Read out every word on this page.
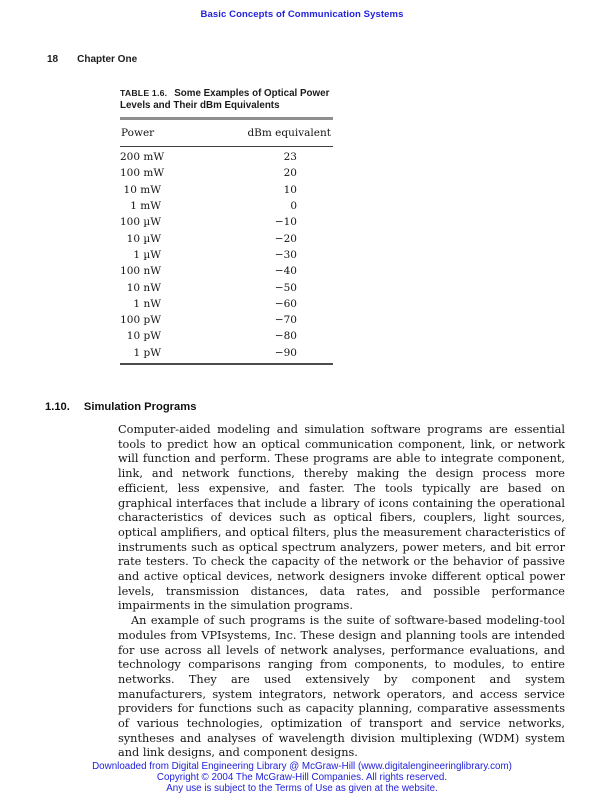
Basic Concepts of Communication Systems
18 Chapter One
TABLE 1.6. Some Examples of Optical Power Levels and Their dBm Equivalents
Power	dBm equivalent
200 mW	23
100 mW	20
10 mW	10
1 mW	0
100 µW	−10
10 µW	−20
1 µW	−30
100 nW	−40
10 nW	−50
1 nW	−60
100 pW	−70
10 pW	−80
1 pW	−90
1.10. Simulation Programs

Computer-aided modeling and simulation software programs are essential tools to predict how an optical communication component, link, or network will function and perform. These programs are able to integrate component, link, and network functions, thereby making the design process more efficient, less expensive, and faster. The tools typically are based on graphical interfaces that include a library of icons containing the operational characteristics of devices such as optical fibers, couplers, light sources, optical amplifiers, and optical filters, plus the measurement characteristics of instruments such as optical spectrum analyzers, power meters, and bit error rate testers. To check the capacity of the network or the behavior of passive and active optical devices, network designers invoke different optical power levels, transmission distances, data rates, and possible performance impairments in the simulation programs.

An example of such programs is the suite of software-based modeling-tool modules from VPIsystems, Inc. These design and planning tools are intended for use across all levels of network analyses, performance evaluations, and technology comparisons ranging from components, to modules, to entire networks. They are used extensively by component and system manufacturers, system integrators, network operators, and access service providers for functions such as capacity planning, comparative assessments of various technologies, optimization of transport and service networks, syntheses and analyses of wavelength division multiplexing (WDM) system and link designs, and component designs.

Downloaded from Digital Engineering Library @ McGraw-Hill (www.digitalengineeringlibrary.com)
Copyright © 2004 The McGraw-Hill Companies. All rights reserved.
Any use is subject to the Terms of Use as given at the website.
